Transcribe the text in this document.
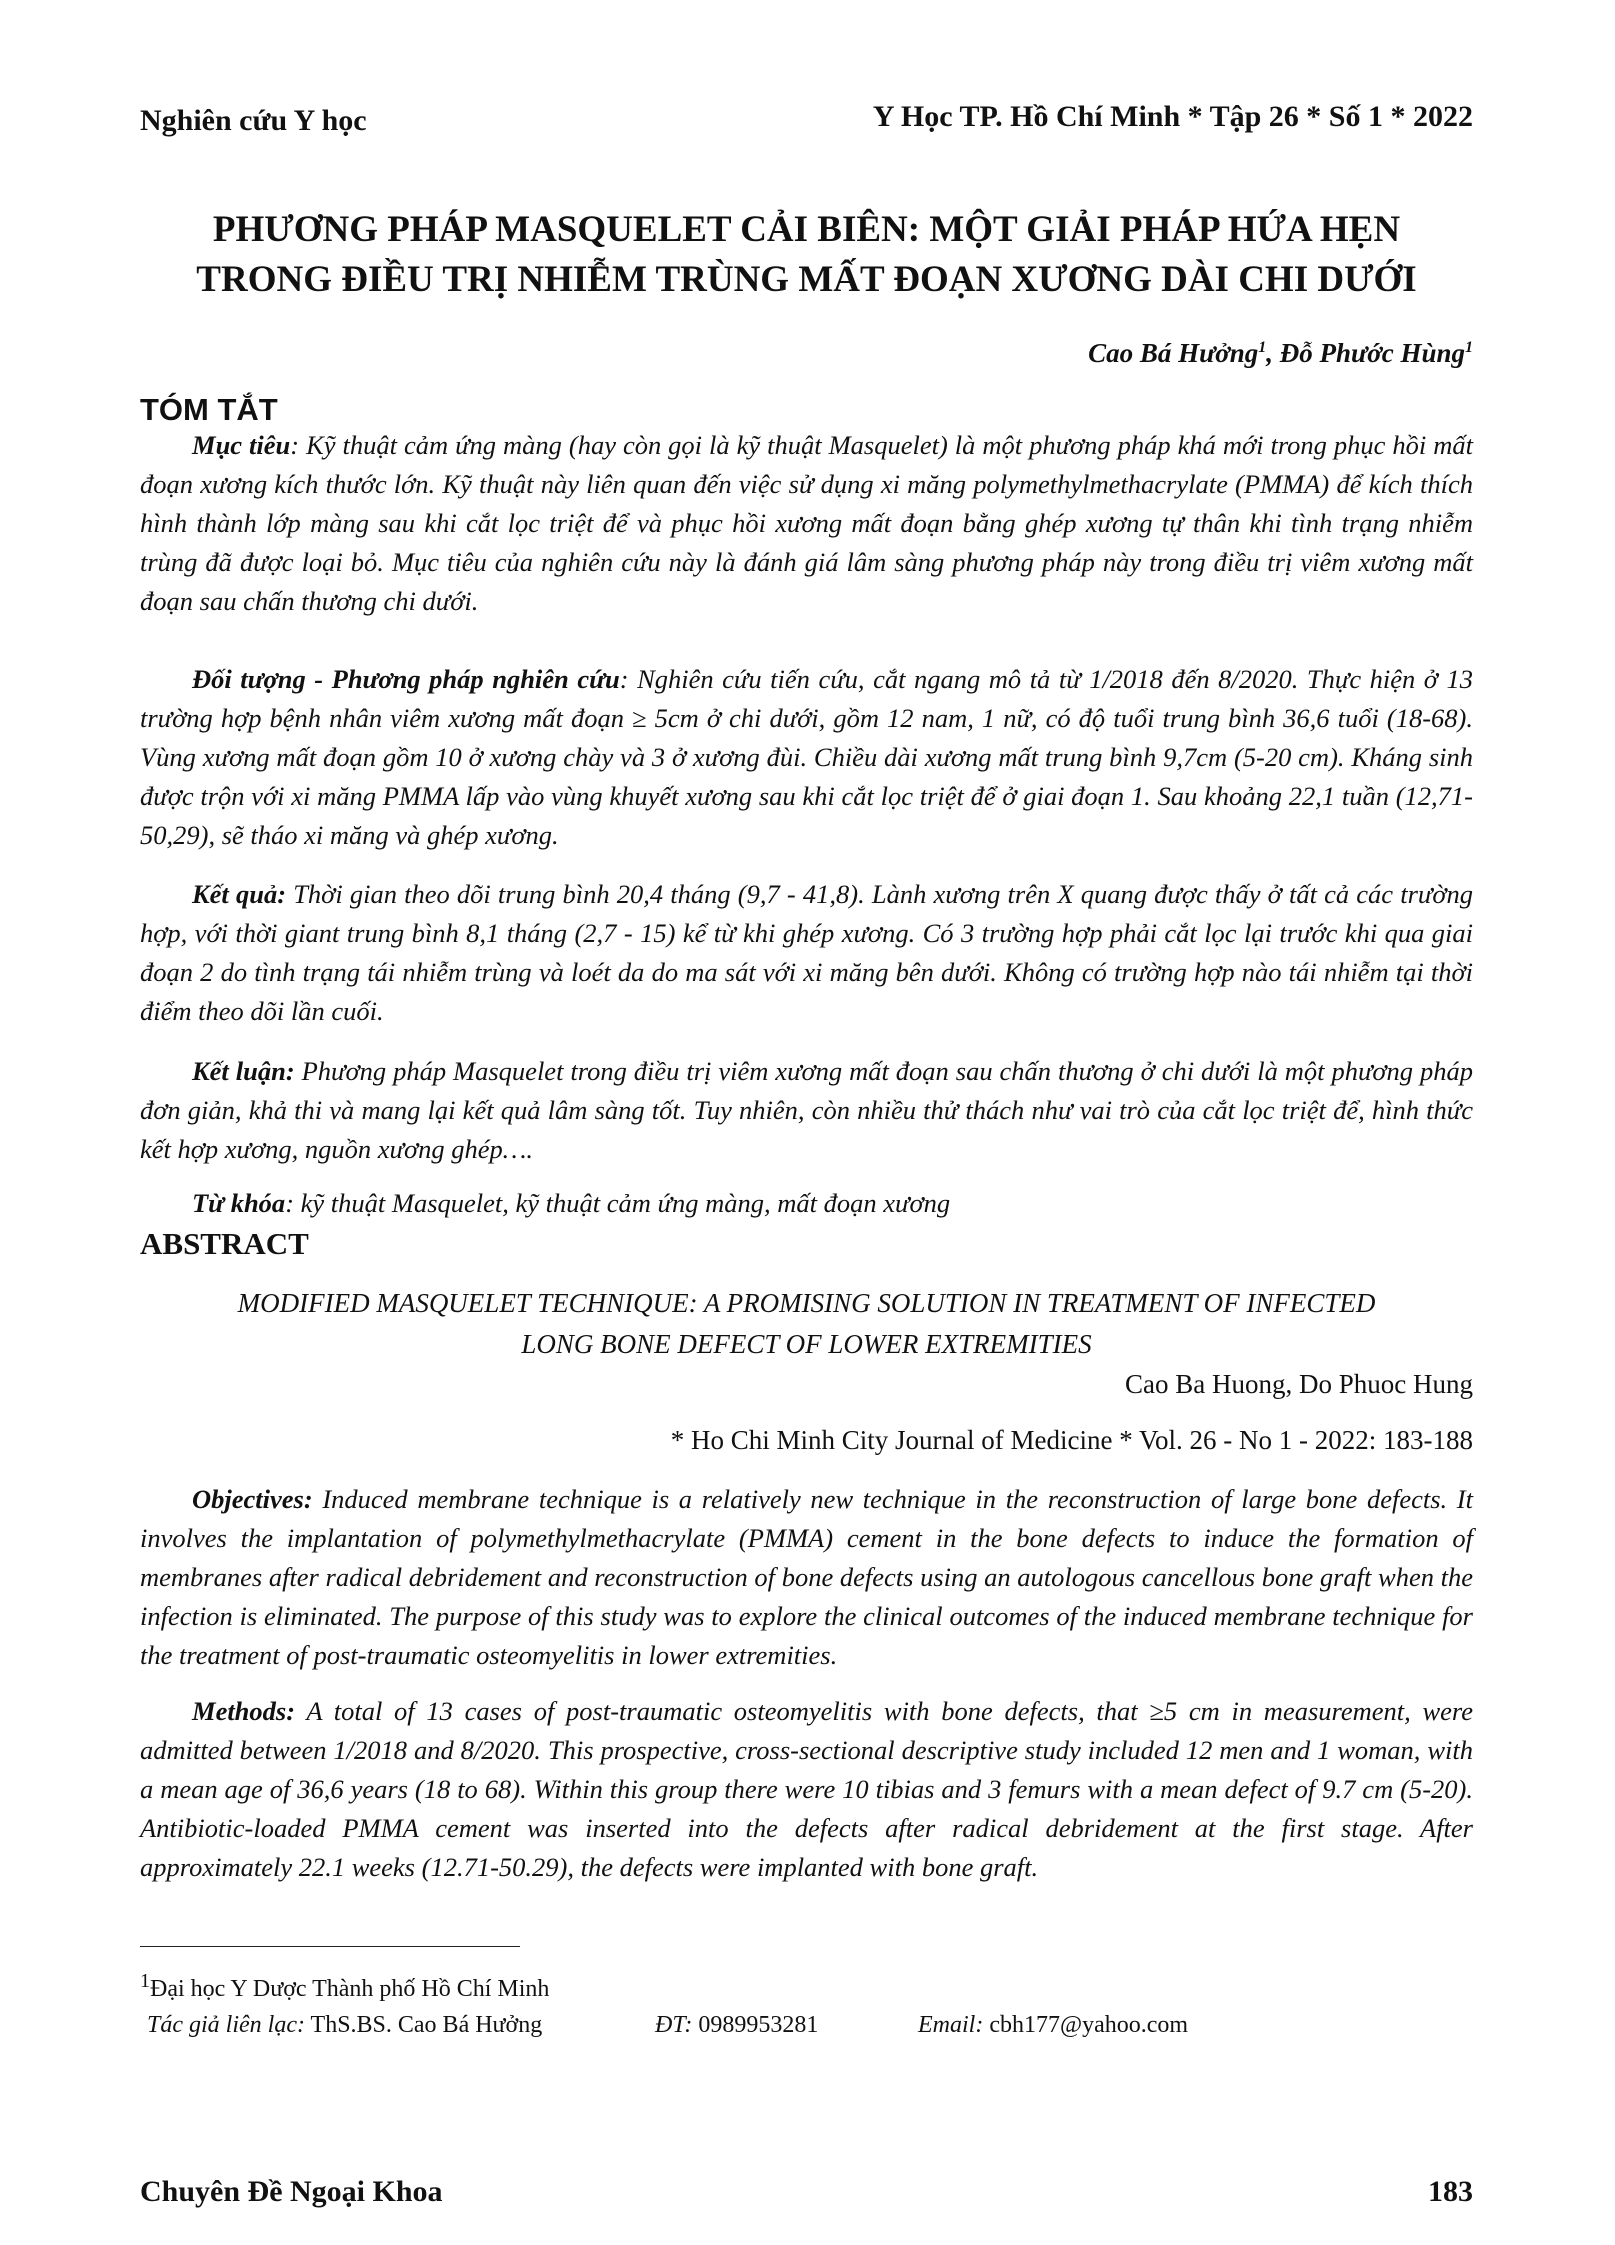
Nghiên cứu Y học	Y Học TP. Hồ Chí Minh * Tập 26 * Số 1 * 2022
PHƯƠNG PHÁP MASQUELET CẢI BIÊN: MỘT GIẢI PHÁP HỨA HẸN
TRONG ĐIỀU TRỊ NHIỄM TRÙNG MẤT ĐOẠN XƯƠNG DÀI CHI DƯỚI
Cao Bá Hưởng$^1$, Đỗ Phước Hùng$^1$
TÓM TẮT

Mục tiêu: Kỹ thuật cảm ứng màng (hay còn gọi là kỹ thuật Masquelet) là một phương pháp khá mới trong phục hồi mất đoạn xương kích thước lớn. Kỹ thuật này liên quan đến việc sử dụng xi măng polymethylmethacrylate (PMMA) để kích thích hình thành lớp màng sau khi cắt lọc triệt để và phục hồi xương mất đoạn bằng ghép xương tự thân khi tình trạng nhiễm trùng đã được loại bỏ. Mục tiêu của nghiên cứu này là đánh giá lâm sàng phương pháp này trong điều trị viêm xương mất đoạn sau chấn thương chi dưới.

Đối tượng - Phương pháp nghiên cứu: Nghiên cứu tiến cứu, cắt ngang mô tả từ 1/2018 đến 8/2020. Thực hiện ở 13 trường hợp bệnh nhân viêm xương mất đoạn ≥ 5cm ở chi dưới, gồm 12 nam, 1 nữ, có độ tuổi trung bình 36,6 tuổi (18-68). Vùng xương mất đoạn gồm 10 ở xương chày và 3 ở xương đùi. Chiều dài xương mất trung bình 9,7cm (5-20 cm). Kháng sinh được trộn với xi măng PMMA lấp vào vùng khuyết xương sau khi cắt lọc triệt để ở giai đoạn 1. Sau khoảng 22,1 tuần (12,71-50,29), sẽ tháo xi măng và ghép xương.

Kết quả: Thời gian theo dõi trung bình 20,4 tháng (9,7 - 41,8). Lành xương trên X quang được thấy ở tất cả các trường hợp, với thời giant trung bình 8,1 tháng (2,7 - 15) kể từ khi ghép xương. Có 3 trường hợp phải cắt lọc lại trước khi qua giai đoạn 2 do tình trạng tái nhiễm trùng và loét da do ma sát với xi măng bên dưới. Không có trường hợp nào tái nhiễm tại thời điểm theo dõi lần cuối.

Kết luận: Phương pháp Masquelet trong điều trị viêm xương mất đoạn sau chấn thương ở chi dưới là một phương pháp đơn giản, khả thi và mang lại kết quả lâm sàng tốt. Tuy nhiên, còn nhiều thử thách như vai trò của cắt lọc triệt để, hình thức kết hợp xương, nguồn xương ghép….

Từ khóa: kỹ thuật Masquelet, kỹ thuật cảm ứng màng, mất đoạn xương

ABSTRACT
MODIFIED MASQUELET TECHNIQUE: A PROMISING SOLUTION IN TREATMENT OF INFECTED
LONG BONE DEFECT OF LOWER EXTREMITIES
Cao Ba Huong, Do Phuoc Hung
* Ho Chi Minh City Journal of Medicine * Vol. 26 - No 1 - 2022: 183-188

Objectives: Induced membrane technique is a relatively new technique in the reconstruction of large bone defects. It involves the implantation of polymethylmethacrylate (PMMA) cement in the bone defects to induce the formation of membranes after radical debridement and reconstruction of bone defects using an autologous cancellous bone graft when the infection is eliminated. The purpose of this study was to explore the clinical outcomes of the induced membrane technique for the treatment of post-traumatic osteomyelitis in lower extremities.

Methods: A total of 13 cases of post-traumatic osteomyelitis with bone defects, that ≥5 cm in measurement, were admitted between 1/2018 and 8/2020. This prospective, cross-sectional descriptive study included 12 men and 1 woman, with a mean age of 36,6 years (18 to 68). Within this group there were 10 tibias and 3 femurs with a mean defect of 9.7 cm (5-20). Antibiotic-loaded PMMA cement was inserted into the defects after radical debridement at the first stage. After approximately 22.1 weeks (12.71-50.29), the defects were implanted with bone graft.

$^1$Đại học Y Dược Thành phố Hồ Chí Minh
Tác giả liên lạc: ThS.BS. Cao Bá Hưởng	ĐT: 0989953281	Email: cbh177@yahoo.com
Chuyên Đề Ngoại Khoa	183
